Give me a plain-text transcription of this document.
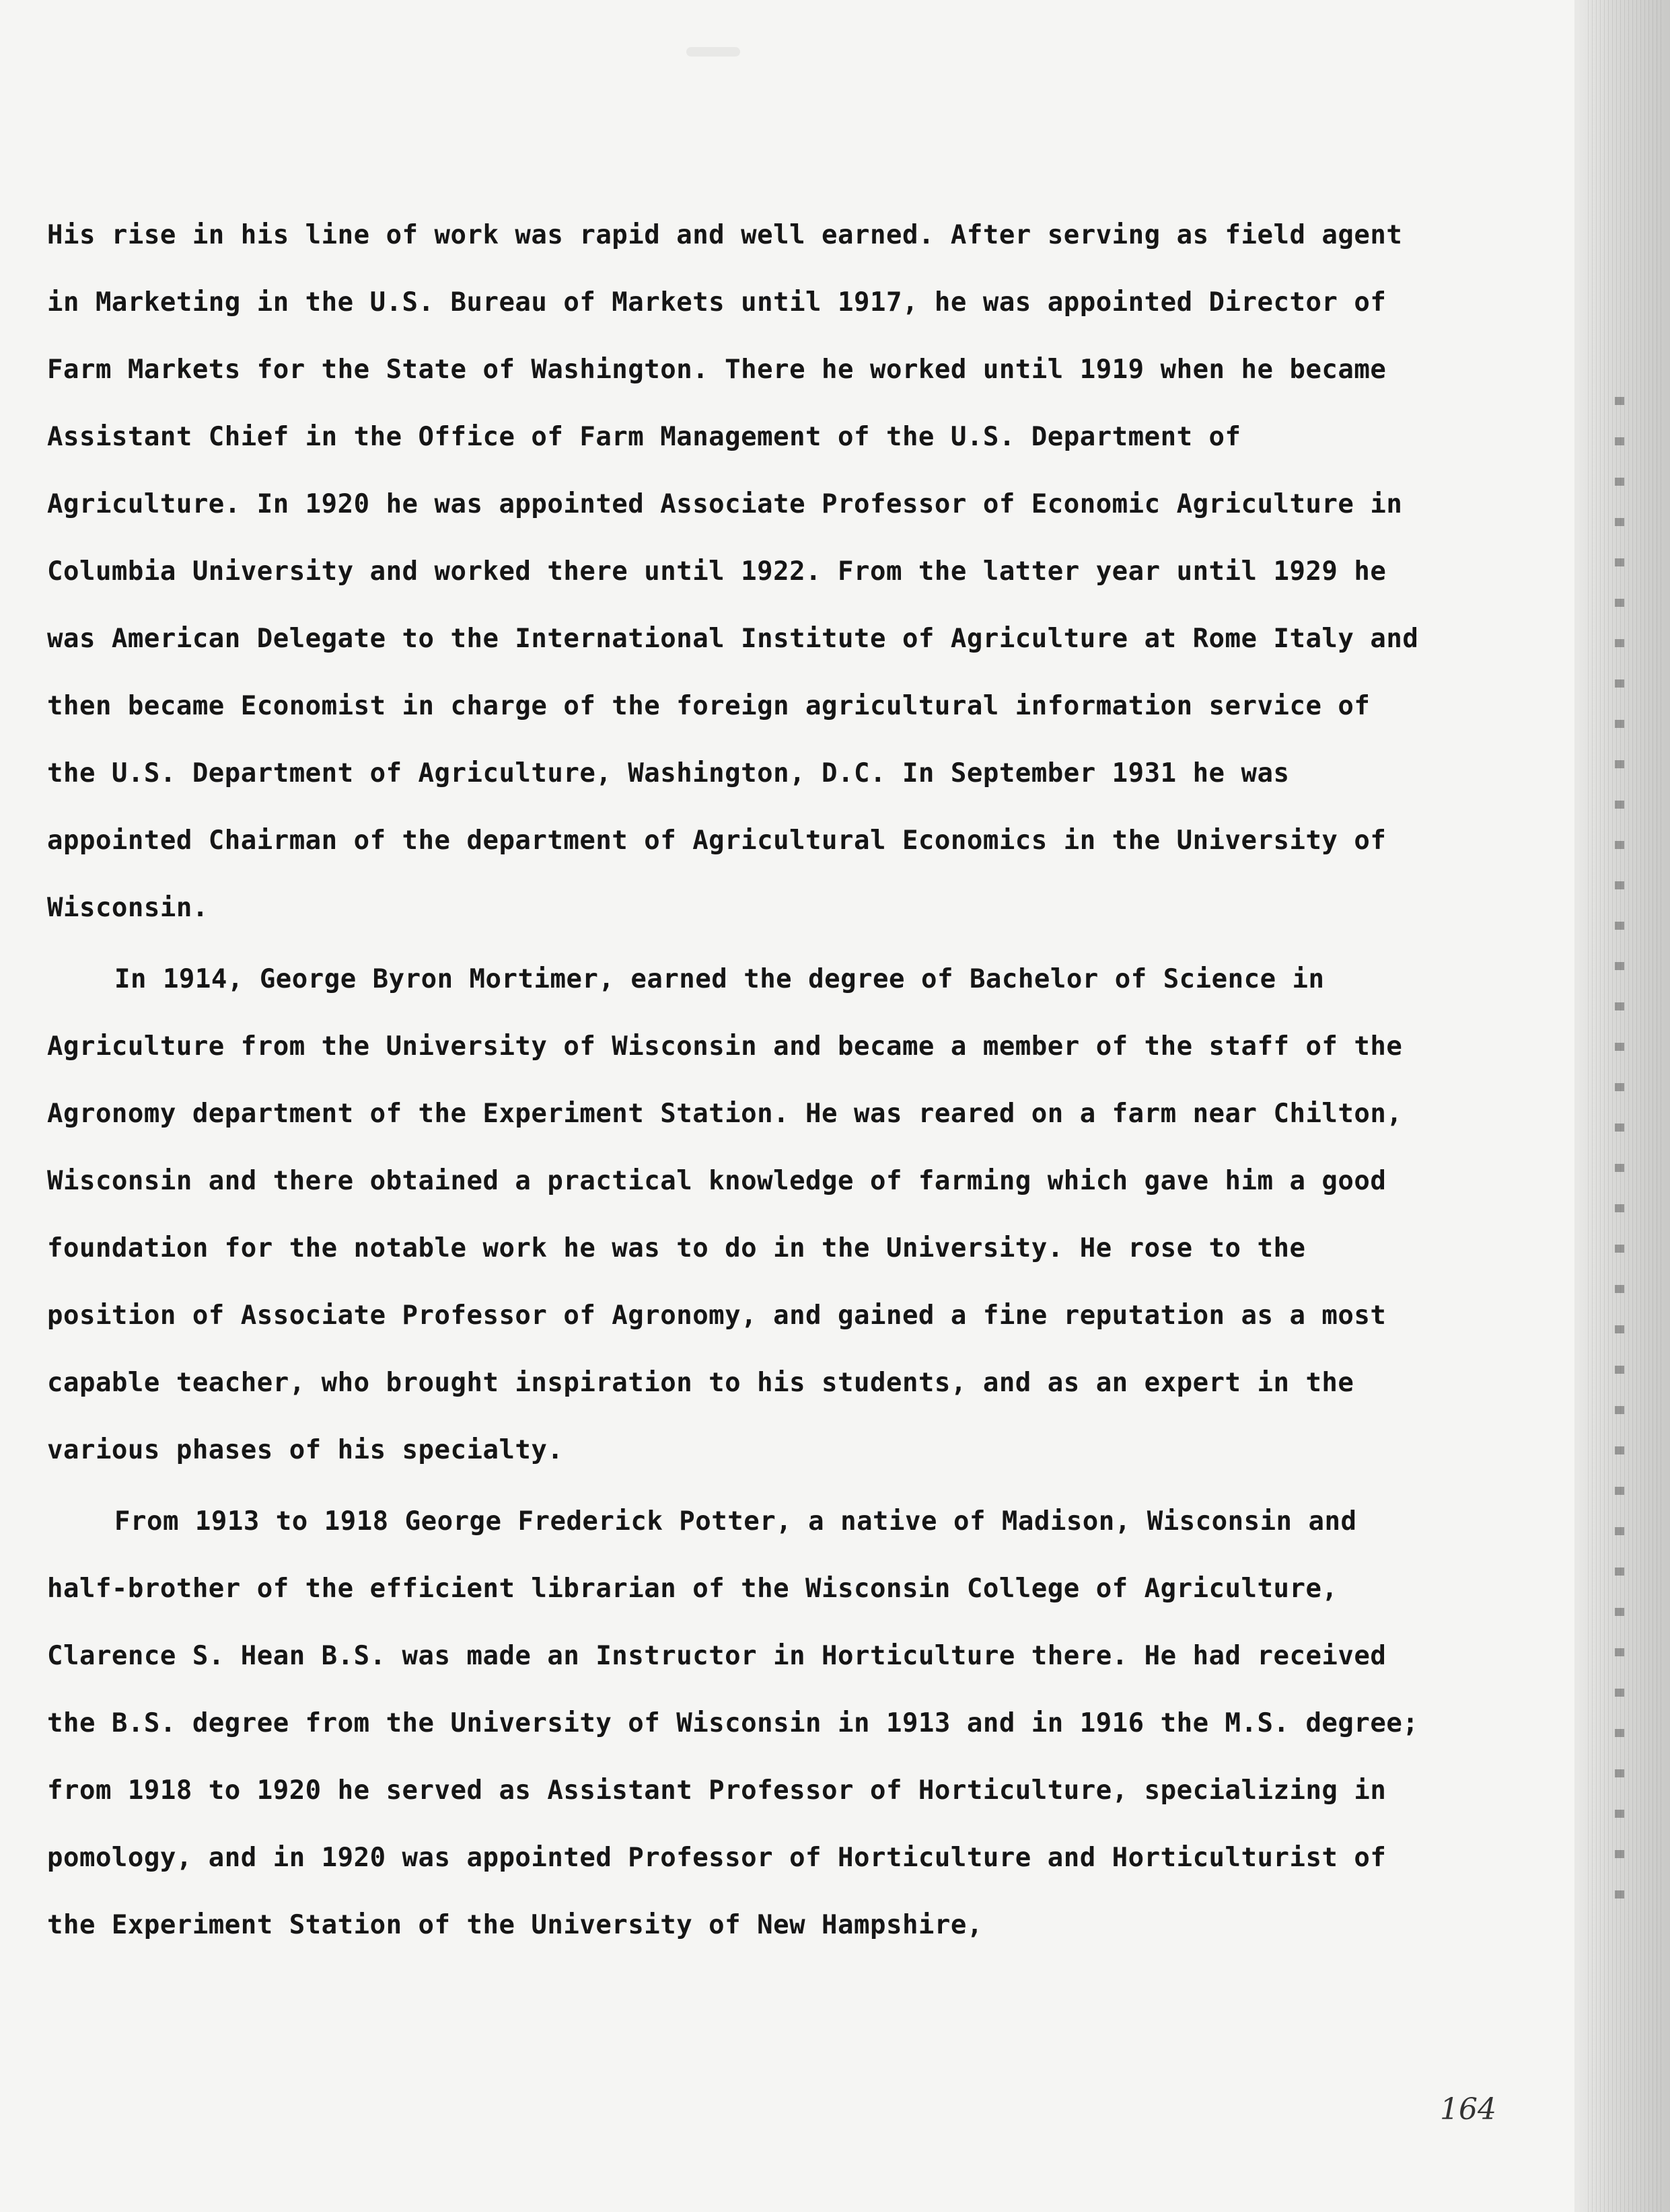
His rise in his line of work was rapid and well earned. After serving as field agent in Marketing in the U.S. Bureau of Markets until 1917, he was appointed Director of Farm Markets for the State of Washington. There he worked until 1919 when he became Assistant Chief in the Office of Farm Management of the U.S. Department of Agriculture. In 1920 he was appointed Associate Professor of Economic Agriculture in Columbia University and worked there until 1922. From the latter year until 1929 he was American Delegate to the International Institute of Agriculture at Rome Italy and then became Economist in charge of the foreign agricultural information service of the U.S. Department of Agriculture, Washington, D.C. In September 1931 he was appointed Chairman of the department of Agricultural Economics in the University of Wisconsin.

In 1914, George Byron Mortimer, earned the degree of Bachelor of Science in Agriculture from the University of Wisconsin and became a member of the staff of the Agronomy department of the Experiment Station. He was reared on a farm near Chilton, Wisconsin and there obtained a practical knowledge of farming which gave him a good foundation for the notable work he was to do in the University. He rose to the position of Associate Professor of Agronomy, and gained a fine reputation as a most capable teacher, who brought inspiration to his students, and as an expert in the various phases of his specialty.

From 1913 to 1918 George Frederick Potter, a native of Madison, Wisconsin and half-brother of the efficient librarian of the Wisconsin College of Agriculture, Clarence S. Hean B.S. was made an Instructor in Horticulture there. He had received the B.S. degree from the University of Wisconsin in 1913 and in 1916 the M.S. degree; from 1918 to 1920 he served as Assistant Professor of Horticulture, specializing in pomology, and in 1920 was appointed Professor of Horticulture and Horticulturist of the Experiment Station of the University of New Hampshire,

164
